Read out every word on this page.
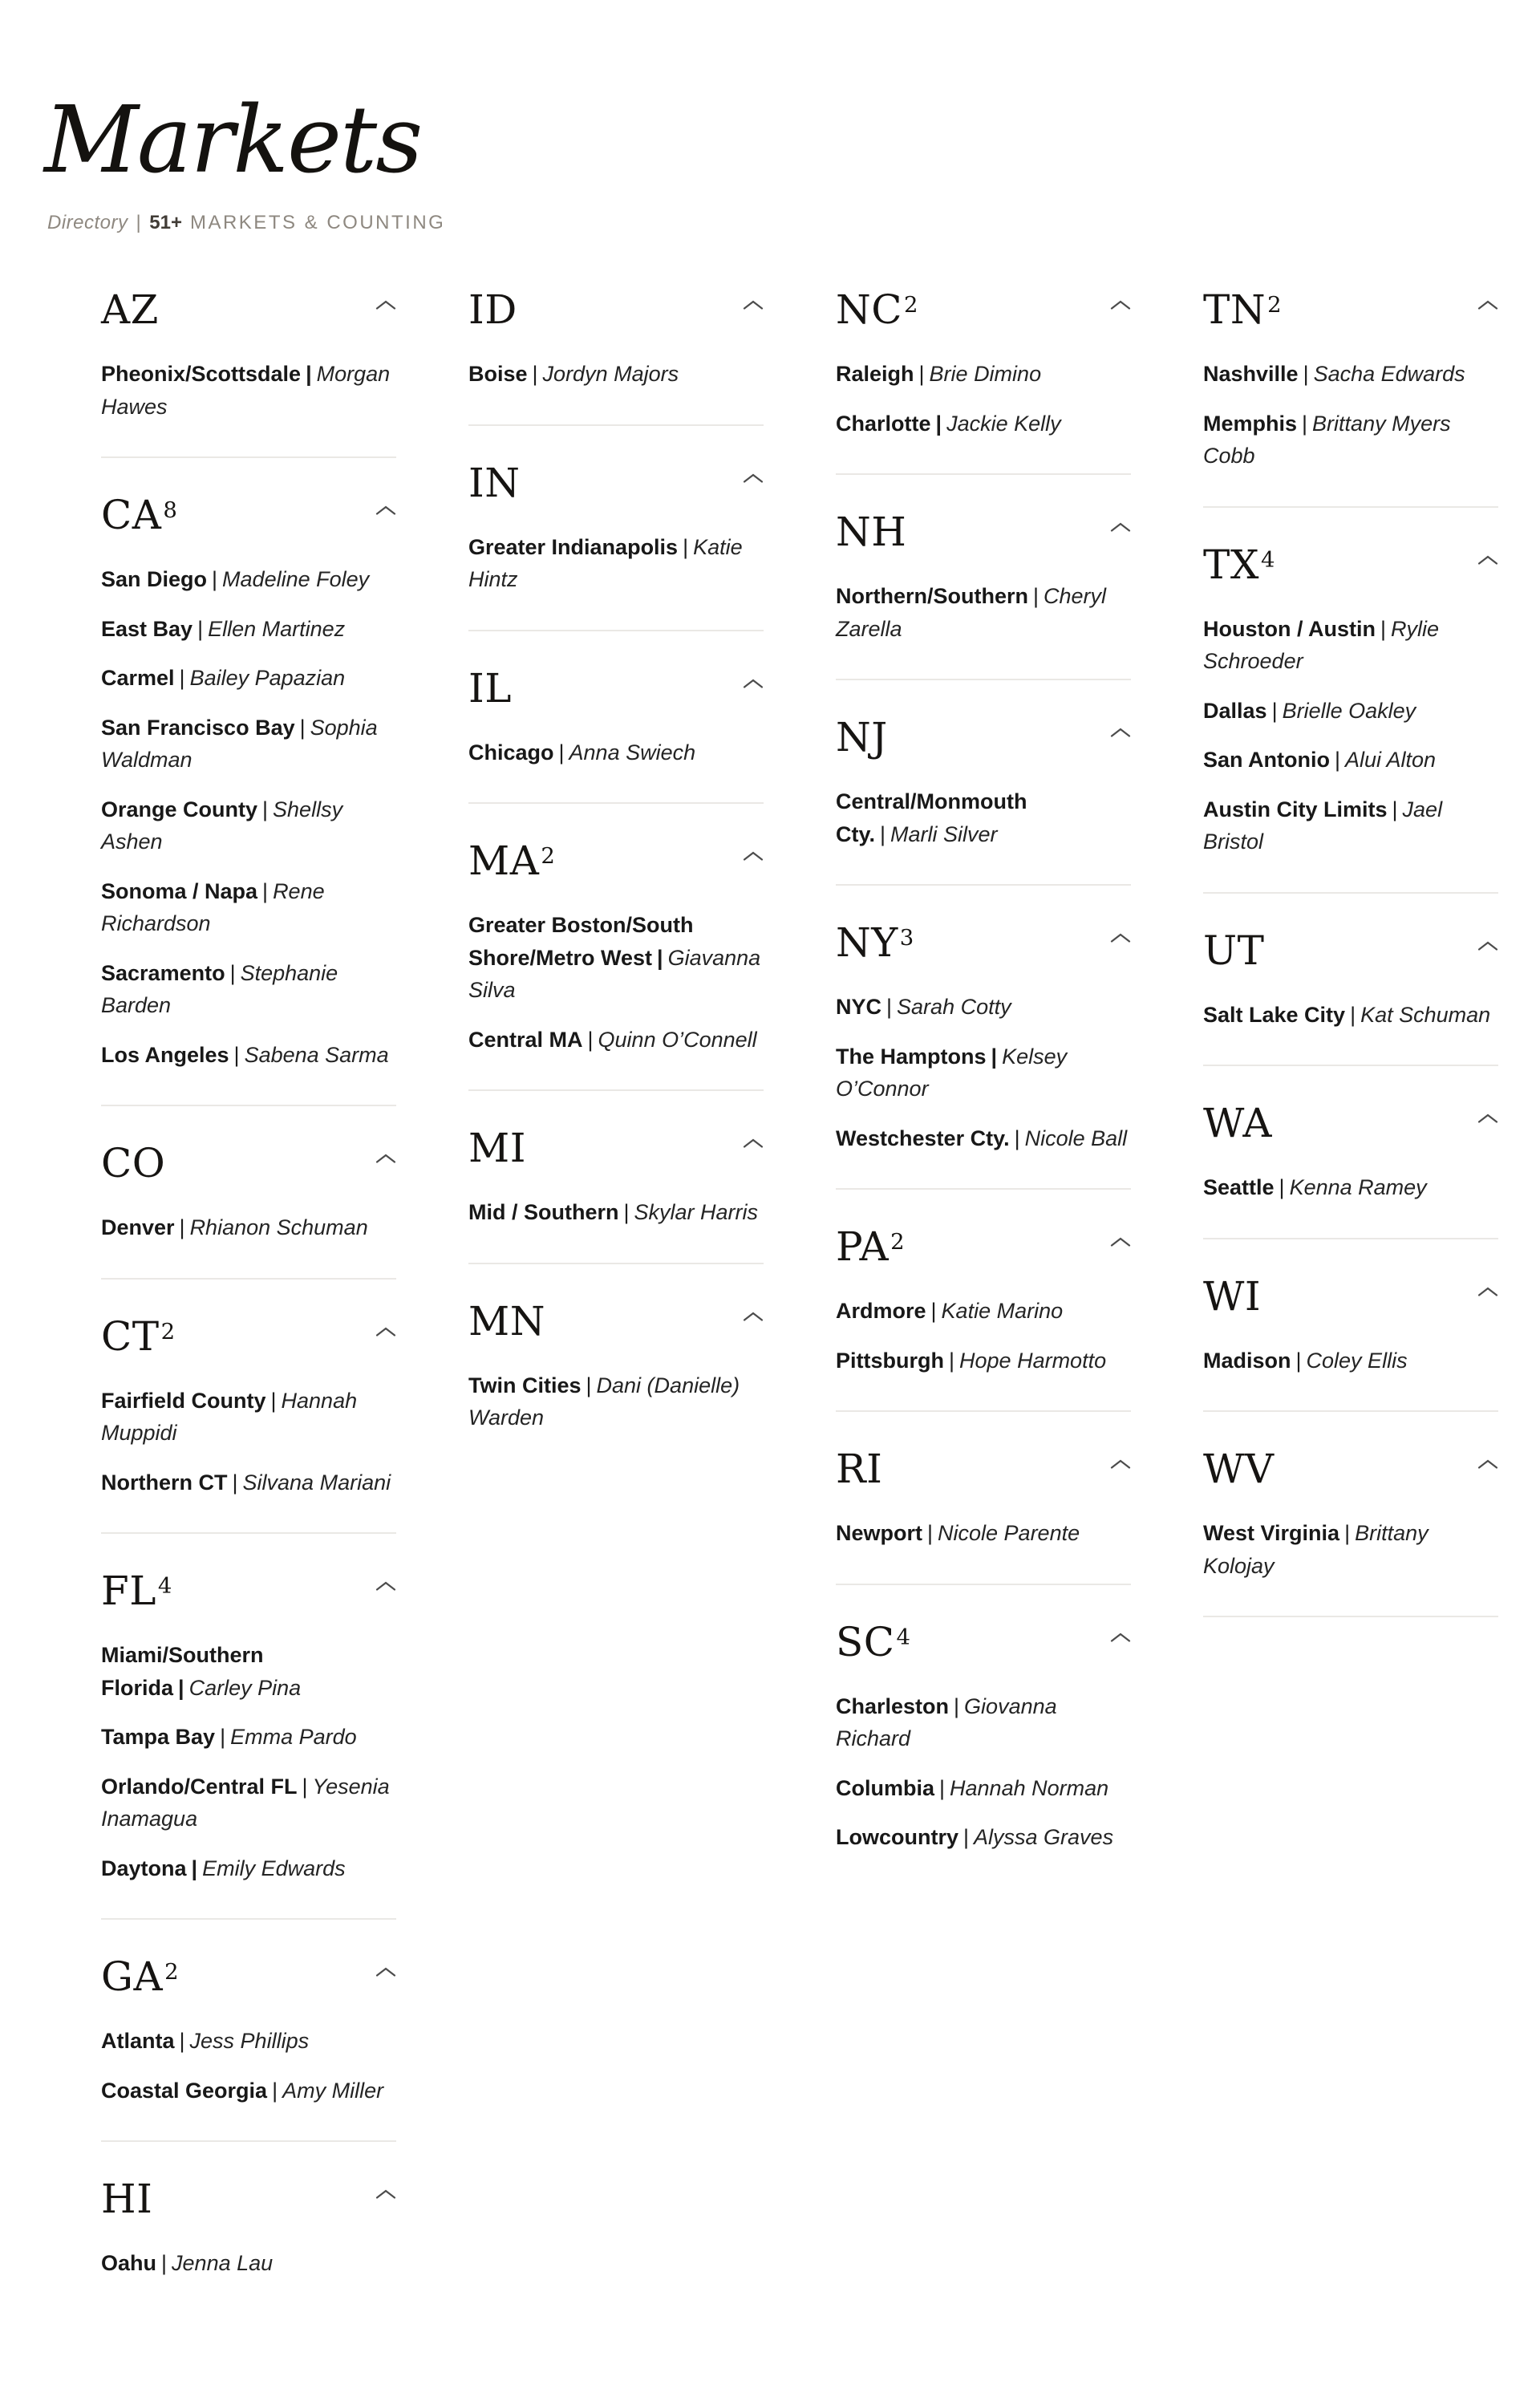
Markets
Directory | 51+ MARKETS & COUNTING
AZ

Pheonix/Scottsdale | Morgan Hawes

$CA^8$

San Diego | Madeline Foley

East Bay | Ellen Martinez

Carmel | Bailey Papazian

San Francisco Bay | Sophia Waldman

Orange County | Shellsy Ashen

Sonoma / Napa | Rene Richardson

Sacramento | Stephanie Barden

Los Angeles | Sabena Sarma

CO

Denver | Rhianon Schuman

$CT^2$

Fairfield County | Hannah Muppidi

Northern CT | Silvana Mariani

$FL^4$

Miami/Southern Florida | Carley Pina

Tampa Bay | Emma Pardo

Orlando/Central FL | Yesenia Inamagua

Daytona | Emily Edwards

$GA^2$

Atlanta | Jess Phillips

Coastal Georgia | Amy Miller

HI

Oahu | Jenna Lau

ID

Boise | Jordyn Majors

IN

Greater Indianapolis | Katie Hintz

IL

Chicago | Anna Swiech

$MA^2$

Greater Boston/South Shore/Metro West | Giavanna Silva

Central MA | Quinn O’Connell

MI

Mid / Southern | Skylar Harris

MN

Twin Cities | Dani (Danielle) Warden

$NC^2$

Raleigh | Brie Dimino

Charlotte | Jackie Kelly

NH

Northern/Southern | Cheryl Zarella

NJ

Central/Monmouth Cty. | Marli Silver

$NY^3$

NYC | Sarah Cotty

The Hamptons | Kelsey O’Connor

Westchester Cty. | Nicole Ball

$PA^2$

Ardmore | Katie Marino

Pittsburgh | Hope Harmotto

RI

Newport | Nicole Parente

$SC^4$

Charleston | Giovanna Richard

Columbia | Hannah Norman

Lowcountry | Alyssa Graves

$TN^2$

Nashville | Sacha Edwards

Memphis | Brittany Myers Cobb

$TX^4$

Houston / Austin | Rylie Schroeder

Dallas | Brielle Oakley

San Antonio | Alui Alton

Austin City Limits | Jael Bristol

UT

Salt Lake City | Kat Schuman

WA

Seattle | Kenna Ramey

WI

Madison | Coley Ellis

WV

West Virginia | Brittany Kolojay
